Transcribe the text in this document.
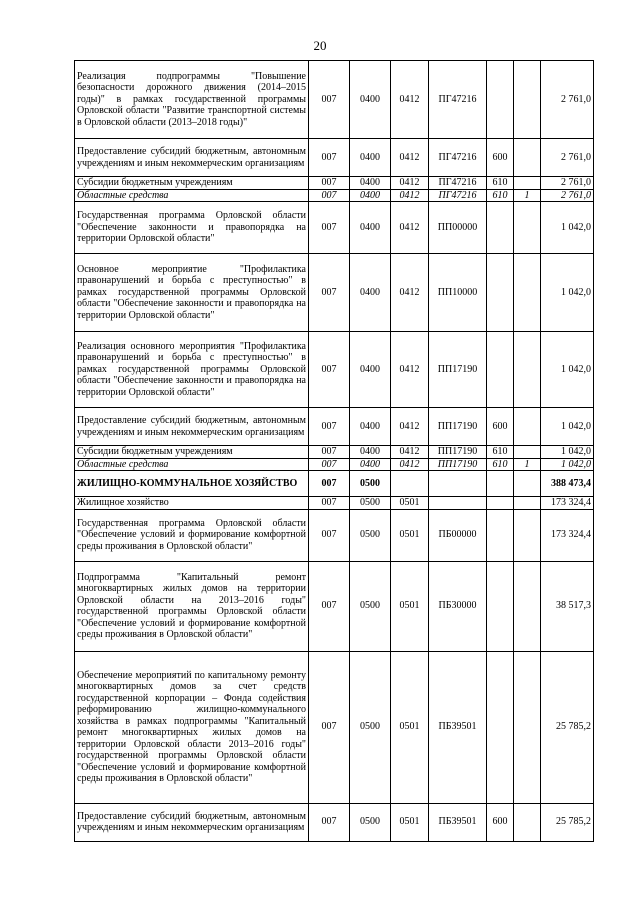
20
Реализация подпрограммы "Повышение безопасности дорожного движения (2014–2015 годы)" в рамках государственной программы Орловской области "Развитие транспортной системы в Орловской области (2013–2018 годы)"	007	0400	0412	ПГ47216			2 761,0
Предоставление субсидий бюджетным, автономным учреждениям и иным некоммерческим организациям	007	0400	0412	ПГ47216	600		2 761,0
Субсидии бюджетным учреждениям	007	0400	0412	ПГ47216	610		2 761,0
Областные средства	007	0400	0412	ПГ47216	610	1	2 761,0
Государственная программа Орловской области "Обеспечение законности и правопорядка на территории Орловской области"	007	0400	0412	ПП00000			1 042,0
Основное мероприятие "Профилактика правонарушений и борьба с преступностью" в рамках государственной программы Орловской области "Обеспечение законности и правопорядка на территории Орловской области"	007	0400	0412	ПП10000			1 042,0
Реализация основного мероприятия "Профилактика правонарушений и борьба с преступностью" в рамках государственной программы Орловской области "Обеспечение законности и правопорядка на территории Орловской области"	007	0400	0412	ПП17190			1 042,0
Предоставление субсидий бюджетным, автономным учреждениям и иным некоммерческим организациям	007	0400	0412	ПП17190	600		1 042,0
Субсидии бюджетным учреждениям	007	0400	0412	ПП17190	610		1 042,0
Областные средства	007	0400	0412	ПП17190	610	1	1 042,0
ЖИЛИЩНО-КОММУНАЛЬНОЕ ХОЗЯЙСТВО	007	0500					388 473,4
Жилищное хозяйство	007	0500	0501				173 324,4
Государственная программа Орловской области "Обеспечение условий и формирование комфортной среды проживания в Орловской области"	007	0500	0501	ПБ00000			173 324,4
Подпрограмма "Капитальный ремонт многоквартирных жилых домов на территории Орловской области на 2013–2016 годы" государственной программы Орловской области "Обеспечение условий и формирование комфортной среды проживания в Орловской области"	007	0500	0501	ПБ30000			38 517,3
Обеспечение мероприятий по капитальному ремонту многоквартирных домов за счет средств государственной корпорации – Фонда содействия реформированию жилищно-коммунального хозяйства в рамках подпрограммы "Капитальный ремонт многоквартирных жилых домов на территории Орловской области 2013–2016 годы" государственной программы Орловской области "Обеспечение условий и формирование комфортной среды проживания в Орловской области"	007	0500	0501	ПБ39501			25 785,2
Предоставление субсидий бюджетным, автономным учреждениям и иным некоммерческим организациям	007	0500	0501	ПБ39501	600		25 785,2
